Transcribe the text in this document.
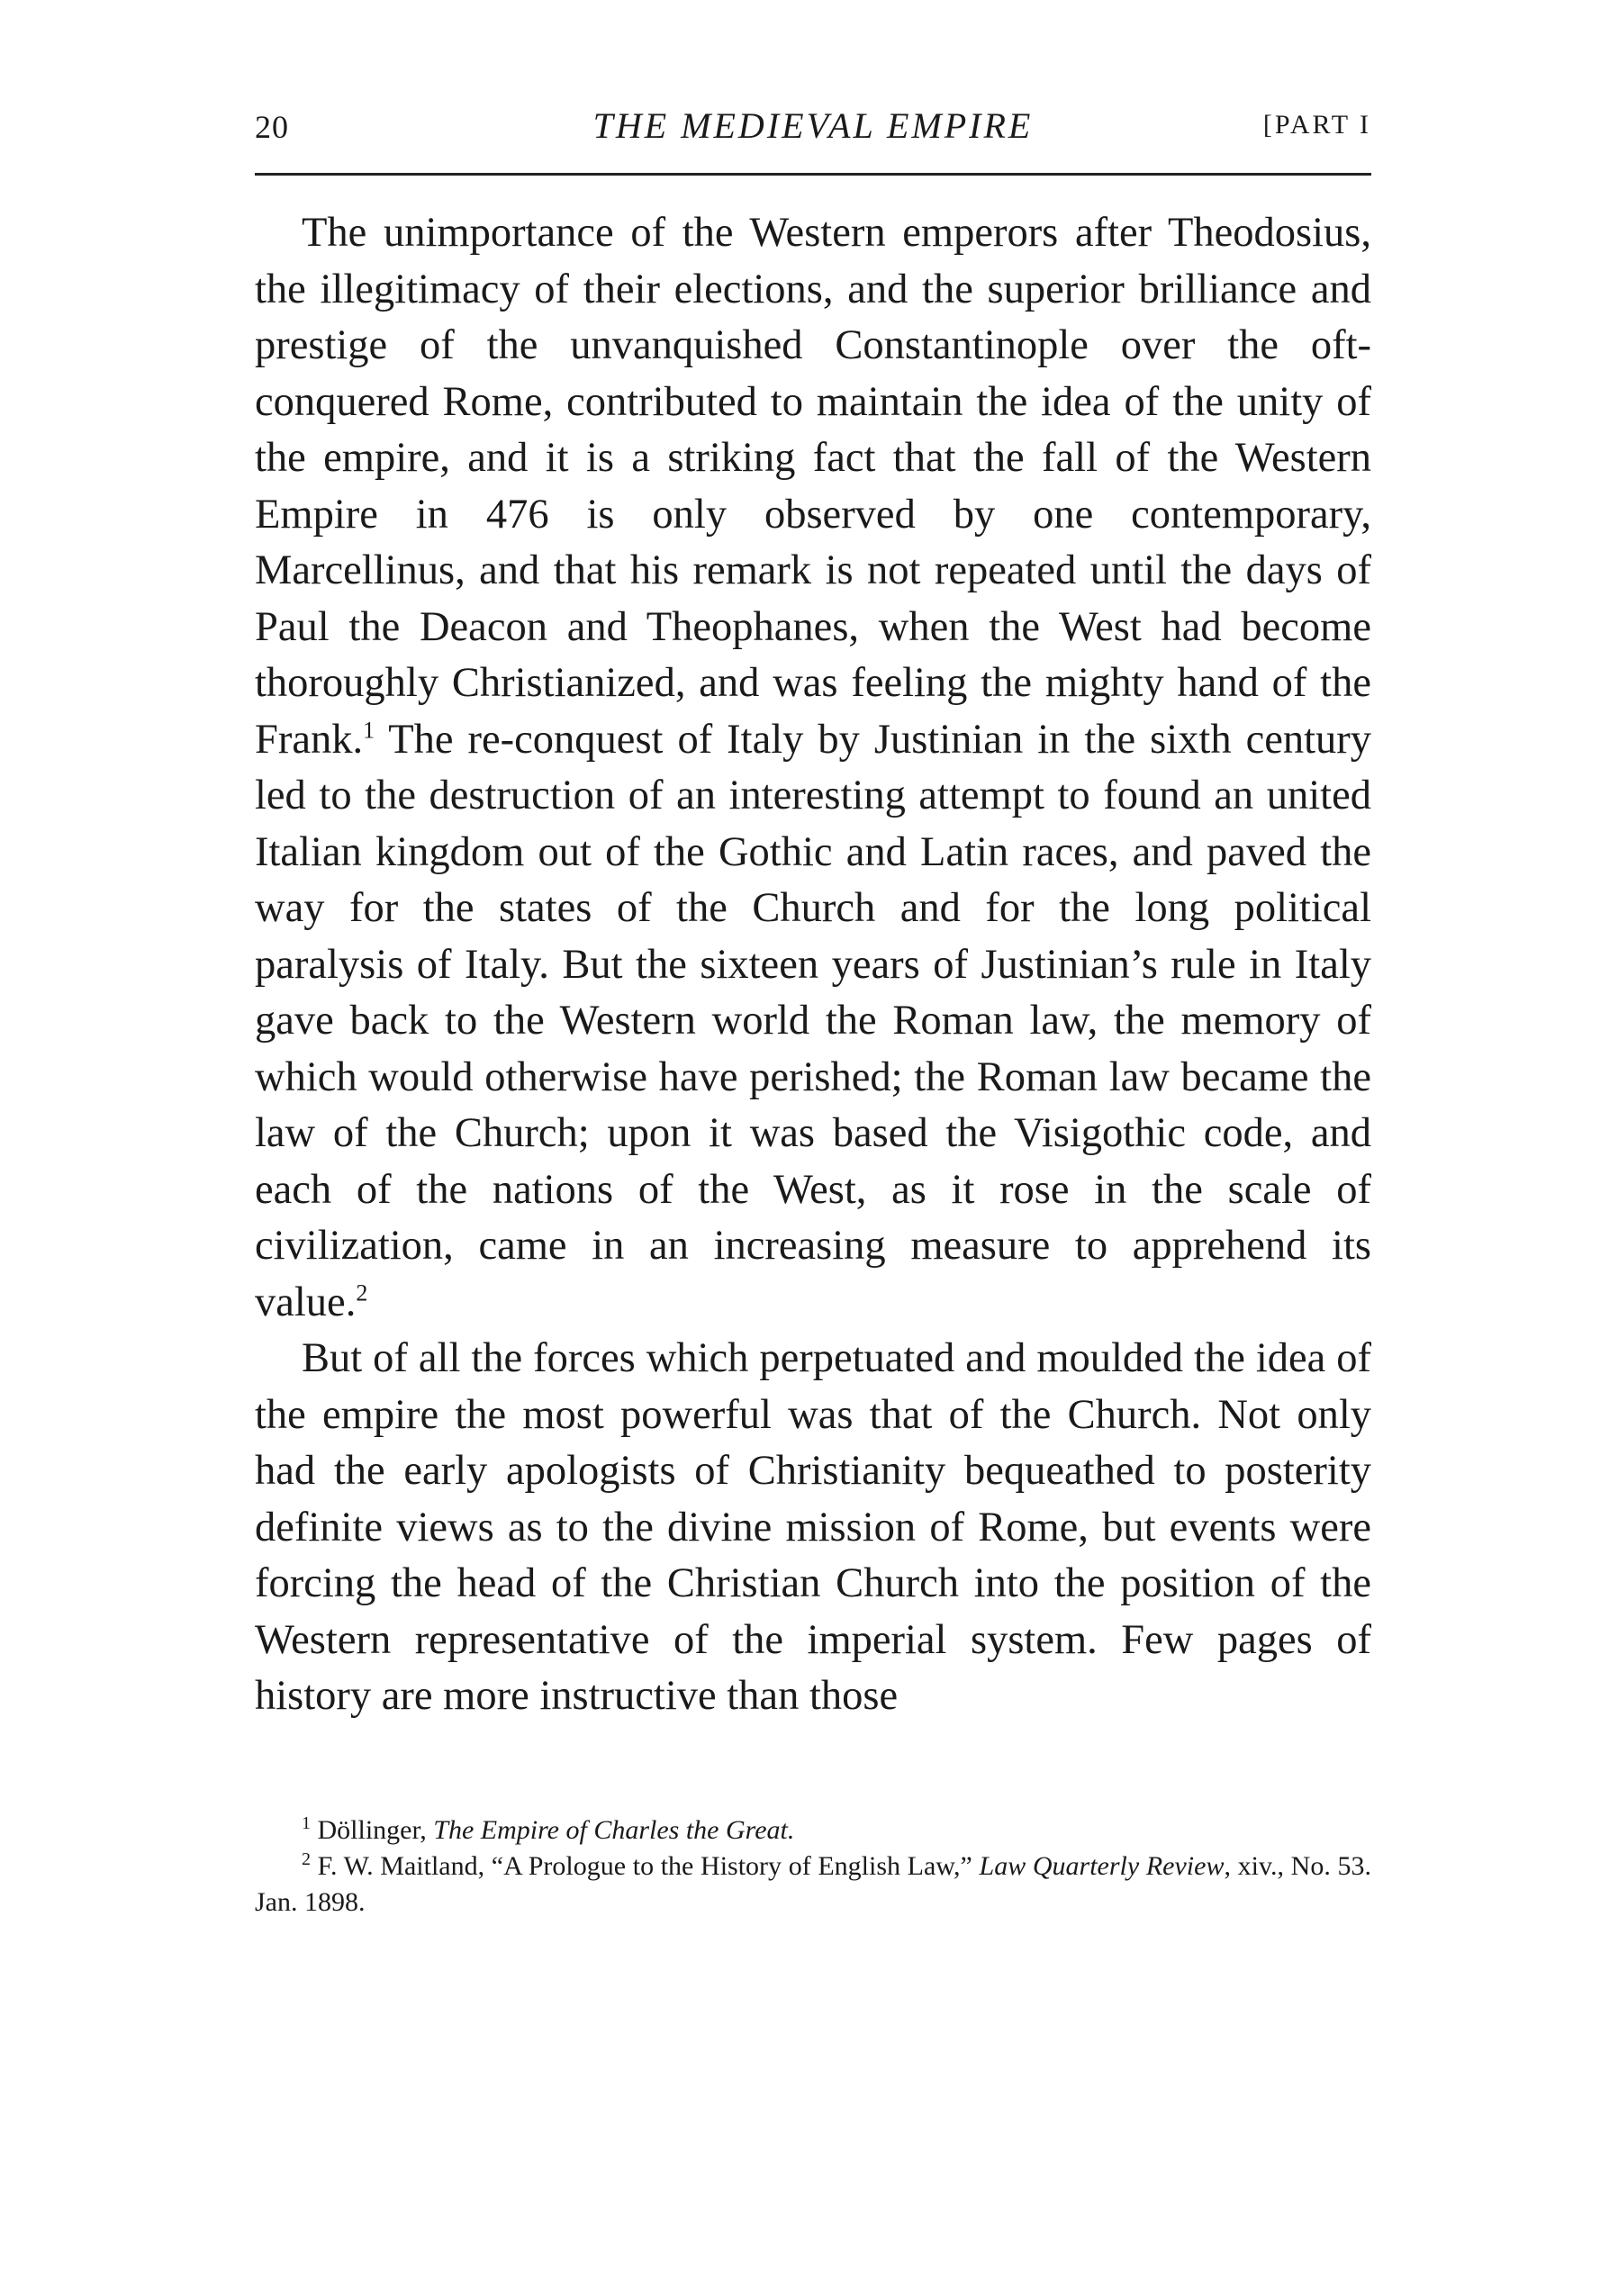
20	THE MEDIEVAL EMPIRE	[PART I

The unimportance of the Western emperors after Theodosius, the illegitimacy of their elections, and the superior brilliance and prestige of the unvanquished Constantinople over the oft-conquered Rome, contributed to maintain the idea of the unity of the empire, and it is a striking fact that the fall of the Western Empire in 476 is only observed by one contemporary, Marcellinus, and that his remark is not repeated until the days of Paul the Deacon and Theophanes, when the West had become thoroughly Christianized, and was feeling the mighty hand of the Frank.$^1$ The re-conquest of Italy by Justinian in the sixth century led to the destruction of an interesting attempt to found an united Italian kingdom out of the Gothic and Latin races, and paved the way for the states of the Church and for the long political paralysis of Italy. But the sixteen years of Justinian’s rule in Italy gave back to the Western world the Roman law, the memory of which would otherwise have perished; the Roman law became the law of the Church; upon it was based the Visigothic code, and each of the nations of the West, as it rose in the scale of civilization, came in an increasing measure to apprehend its value.$^2$

But of all the forces which perpetuated and moulded the idea of the empire the most powerful was that of the Church. Not only had the early apologists of Christianity bequeathed to posterity definite views as to the divine mission of Rome, but events were forcing the head of the Christian Church into the position of the Western representative of the imperial system. Few pages of history are more instructive than those

$^1$ Döllinger, The Empire of Charles the Great.

$^2$ F. W. Maitland, “A Prologue to the History of English Law,” Law Quarterly Review, xiv., No. 53. Jan. 1898.
